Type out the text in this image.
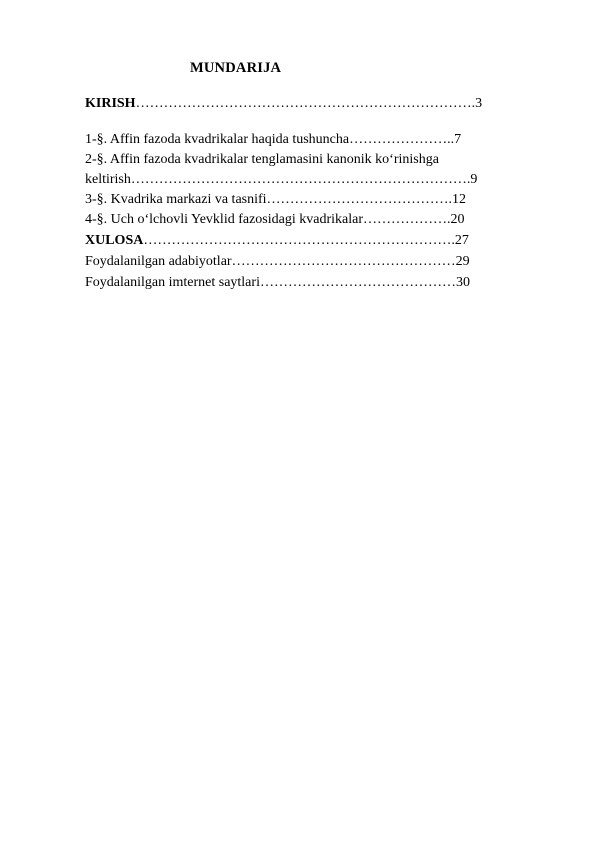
MUNDARIJA
KIRISH……………………………………………………………….3
1-§. Affin fazoda kvadrikalar haqida tushuncha…………………..7
2-§. Affin fazoda kvadrikalar tenglamasini kanonik ko‘rinishga
keltirish……………………………………………………………….9
3-§. Kvadrika markazi va tasnifi………………………………….12
4-§. Uch o‘lchovli Yevklid fazosidagi kvadrikalar……………….20
XULOSA………………………………………………………….27
Foydalanilgan adabiyotlar…………………………………………29
Foydalanilgan imternet saytlari……………………………………30
